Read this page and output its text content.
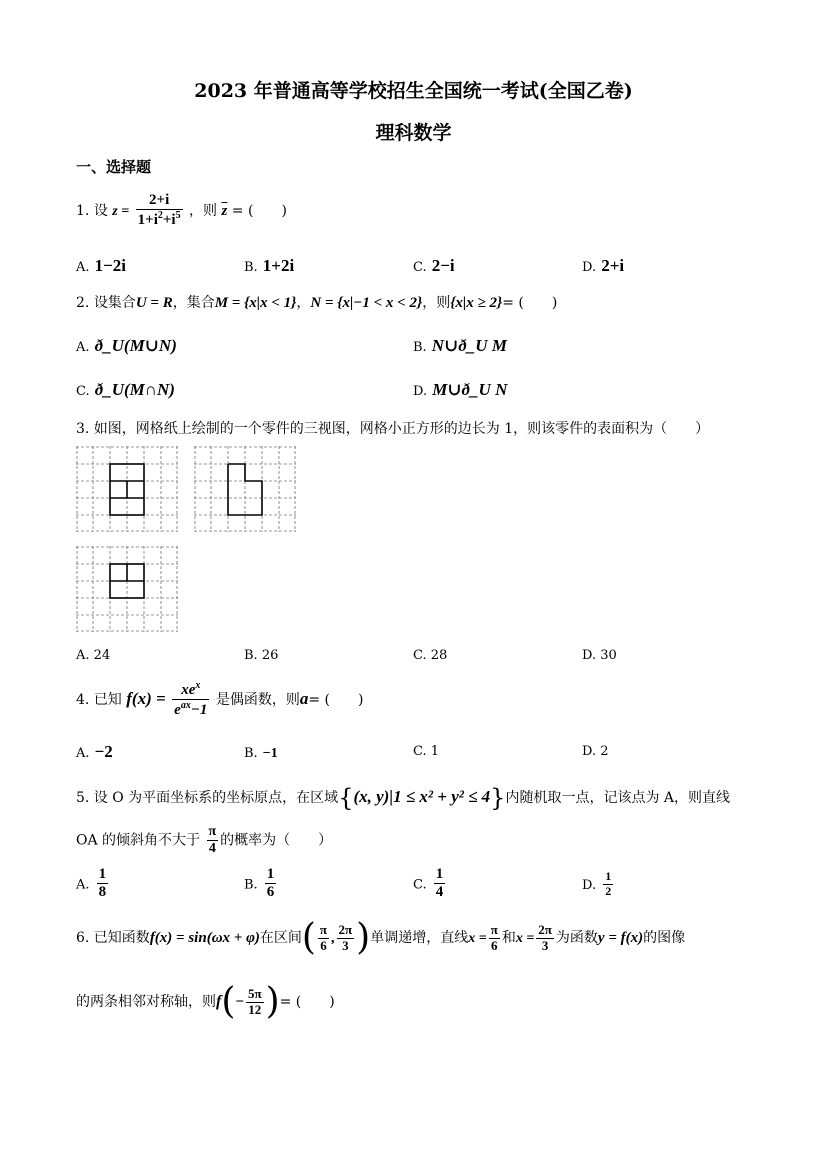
2023 年普通高等学校招生全国统一考试(全国乙卷)
理科数学
一、选择题
1. 设 $z = \frac{2+i}{1+i^2+i^5}$ ，则 $\overline{z}$ = (　　)
A. 1−2i	B. 1+2i	C. 2−i	D. 2+i
2. 设集合U = R，集合M = {x|x < 1}，N = {x|−1 < x < 2}，则{x|x ≥ 2}= (　　)
A. ð_U(M∪N)	B. N∪ð_U M
C. ð_U(M∩N)	D. M∪ð_U N
3. 如图，网格纸上绘制的一个零件的三视图，网格小正方形的边长为 1，则该零件的表面积为（　　）
A. 24	B. 26	C. 28	D. 30
4. 已知 $f(x) = \frac{xe^x}{e^{ax}-1}$ 是偶函数，则a= (　　)
A. −2	B. −1	C. 1	D. 2
5. 设 O 为平面坐标系的坐标原点，在区域{(x, y)|1 ≤ x² + y² ≤ 4}内随机取一点，记该点为 A，则直线
OA 的倾斜角不大于 $\frac{\pi}{4}$ 的概率为（　　）
A. $\frac{1}{8}$	B. $\frac{1}{6}$	C. $\frac{1}{4}$	D. $\frac{1}{2}$
6. 已知函数f(x) = sin(ωx + φ)在区间( $\frac{\pi}{6}$ , $\frac{2\pi}{3}$ )单调递增，直线$x = \frac{\pi}{6}$ 和$x = \frac{2\pi}{3}$ 为函数y = f(x)的图像
的两条相邻对称轴，则$f(- \frac{5\pi}{12}$ )= (　　)
